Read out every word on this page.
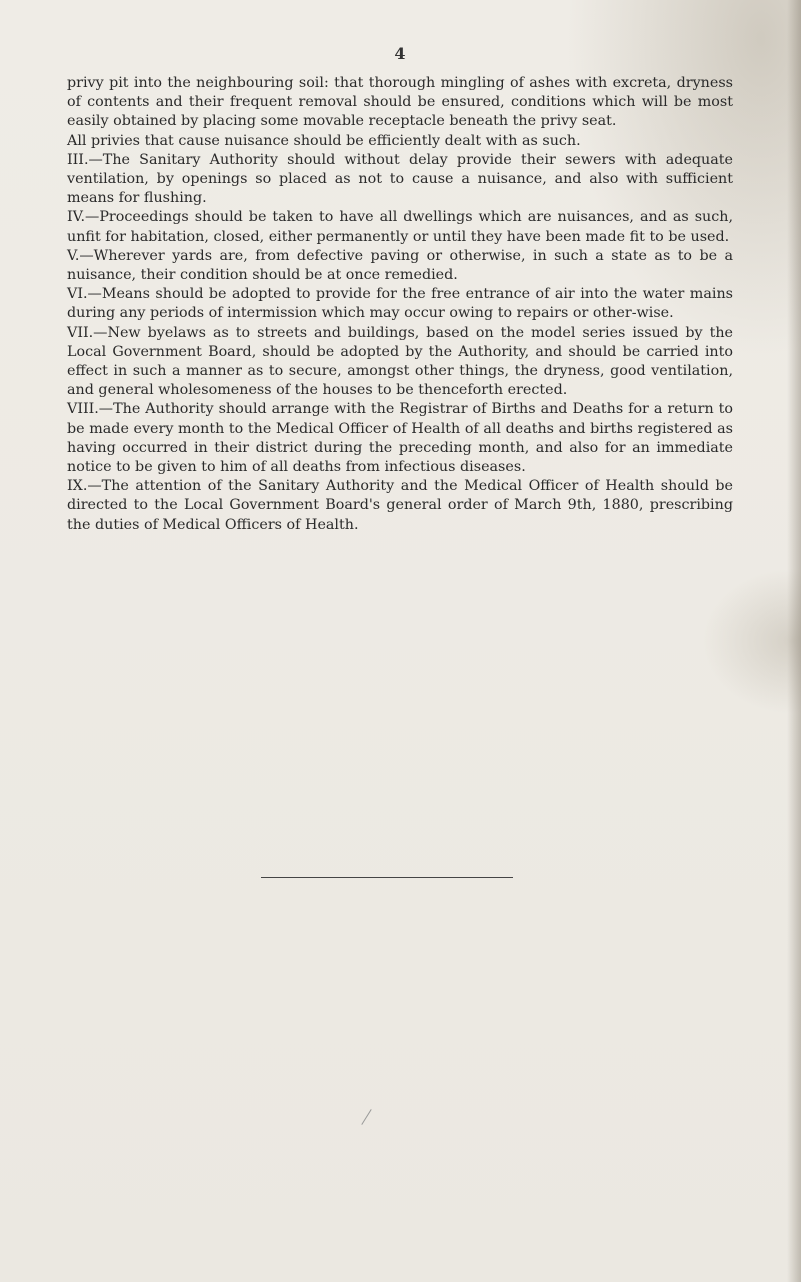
4

privy pit into the neighbouring soil: that thorough mingling of ashes with excreta, dryness of contents and their frequent removal should be ensured, conditions which will be most easily obtained by placing some movable receptacle beneath the privy seat.

All privies that cause nuisance should be efficiently dealt with as such.

III.—The Sanitary Authority should without delay provide their sewers with adequate ventilation, by openings so placed as not to cause a nuisance, and also with sufficient means for flushing.

IV.—Proceedings should be taken to have all dwellings which are nuisances, and as such, unfit for habitation, closed, either permanently or until they have been made fit to be used.

V.—Wherever yards are, from defective paving or otherwise, in such a state as to be a nuisance, their condition should be at once remedied.

VI.—Means should be adopted to provide for the free entrance of air into the water mains during any periods of intermission which may occur owing to repairs or other-wise.

VII.—New byelaws as to streets and buildings, based on the model series issued by the Local Government Board, should be adopted by the Authority, and should be carried into effect in such a manner as to secure, amongst other things, the dryness, good ventilation, and general wholesomeness of the houses to be thenceforth erected.

VIII.—The Authority should arrange with the Registrar of Births and Deaths for a return to be made every month to the Medical Officer of Health of all deaths and births registered as having occurred in their district during the preceding month, and also for an immediate notice to be given to him of all deaths from infectious diseases.

IX.—The attention of the Sanitary Authority and the Medical Officer of Health should be directed to the Local Government Board's general order of March 9th, 1880, prescribing the duties of Medical Officers of Health.
